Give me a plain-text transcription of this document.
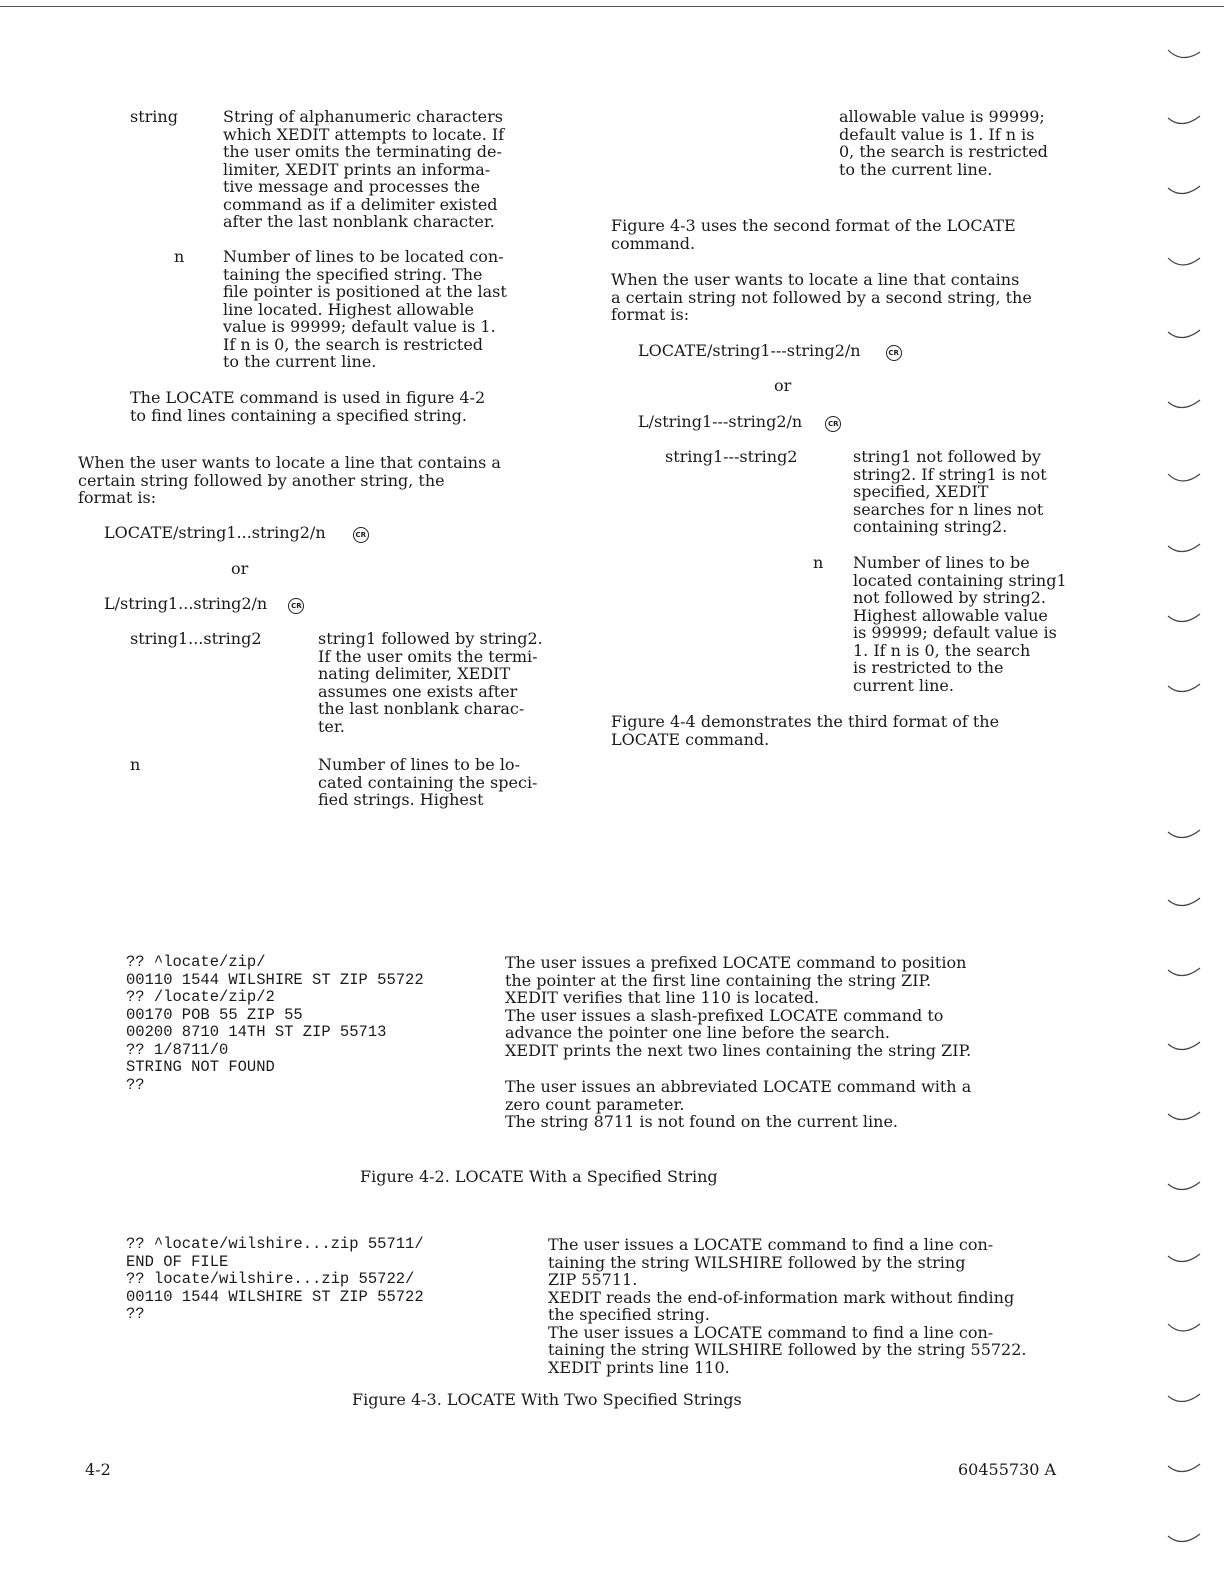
string	String of alphanumeric characters
which XEDIT attempts to locate. If
the user omits the terminating de-
limiter, XEDIT prints an informa-
tive message and processes the
command as if a delimiter existed
after the last nonblank character.
n Number of lines to be located con-
taining the specified string. The
file pointer is positioned at the last
line located. Highest allowable
value is 99999; default value is 1.
If n is 0, the search is restricted
to the current line.
The LOCATE command is used in figure 4-2
to find lines containing a specified string.
When the user wants to locate a line that contains a
certain string followed by another string, the
format is:
LOCATE/string1...string2/n	CR
or
L/string1...string2/n	CR
string1...string2	string1 followed by string2.
If the user omits the termi-
nating delimiter, XEDIT
assumes one exists after
the last nonblank charac-
ter.
n	Number of lines to be lo-
cated containing the speci-
fied strings. Highest
allowable value is 99999;
default value is 1. If n is
0, the search is restricted
to the current line.
Figure 4-3 uses the second format of the LOCATE
command.
When the user wants to locate a line that contains
a certain string not followed by a second string, the
format is:
LOCATE/string1---string2/n	CR
or
L/string1---string2/n	CR
string1---string2	string1 not followed by
string2. If string1 is not
specified, XEDIT
searches for n lines not
containing string2.
n Number of lines to be
located containing string1
not followed by string2.
Highest allowable value
is 99999; default value is
1. If n is 0, the search
is restricted to the
current line.
Figure 4-4 demonstrates the third format of the
LOCATE command.
?? ^locate/zip/
00110 1544 WILSHIRE ST ZIP 55722
?? /locate/zip/2
00170 POB 55 ZIP 55
00200 8710 14TH ST ZIP 55713
?? 1/8711/0
STRING NOT FOUND
??
The user issues a prefixed LOCATE command to position
the pointer at the first line containing the string ZIP.
XEDIT verifies that line 110 is located.
The user issues a slash-prefixed LOCATE command to
advance the pointer one line before the search.
XEDIT prints the next two lines containing the string ZIP.
The user issues an abbreviated LOCATE command with a
zero count parameter.
The string 8711 is not found on the current line.
Figure 4-2. LOCATE With a Specified String
?? ^locate/wilshire...zip 55711/
END OF FILE
?? locate/wilshire...zip 55722/
00110 1544 WILSHIRE ST ZIP 55722
??
The user issues a LOCATE command to find a line con-
taining the string WILSHIRE followed by the string
ZIP 55711.
XEDIT reads the end-of-information mark without finding
the specified string.
The user issues a LOCATE command to find a line con-
taining the string WILSHIRE followed by the string 55722.
XEDIT prints line 110.
Figure 4-3. LOCATE With Two Specified Strings
4-2	60455730 A
